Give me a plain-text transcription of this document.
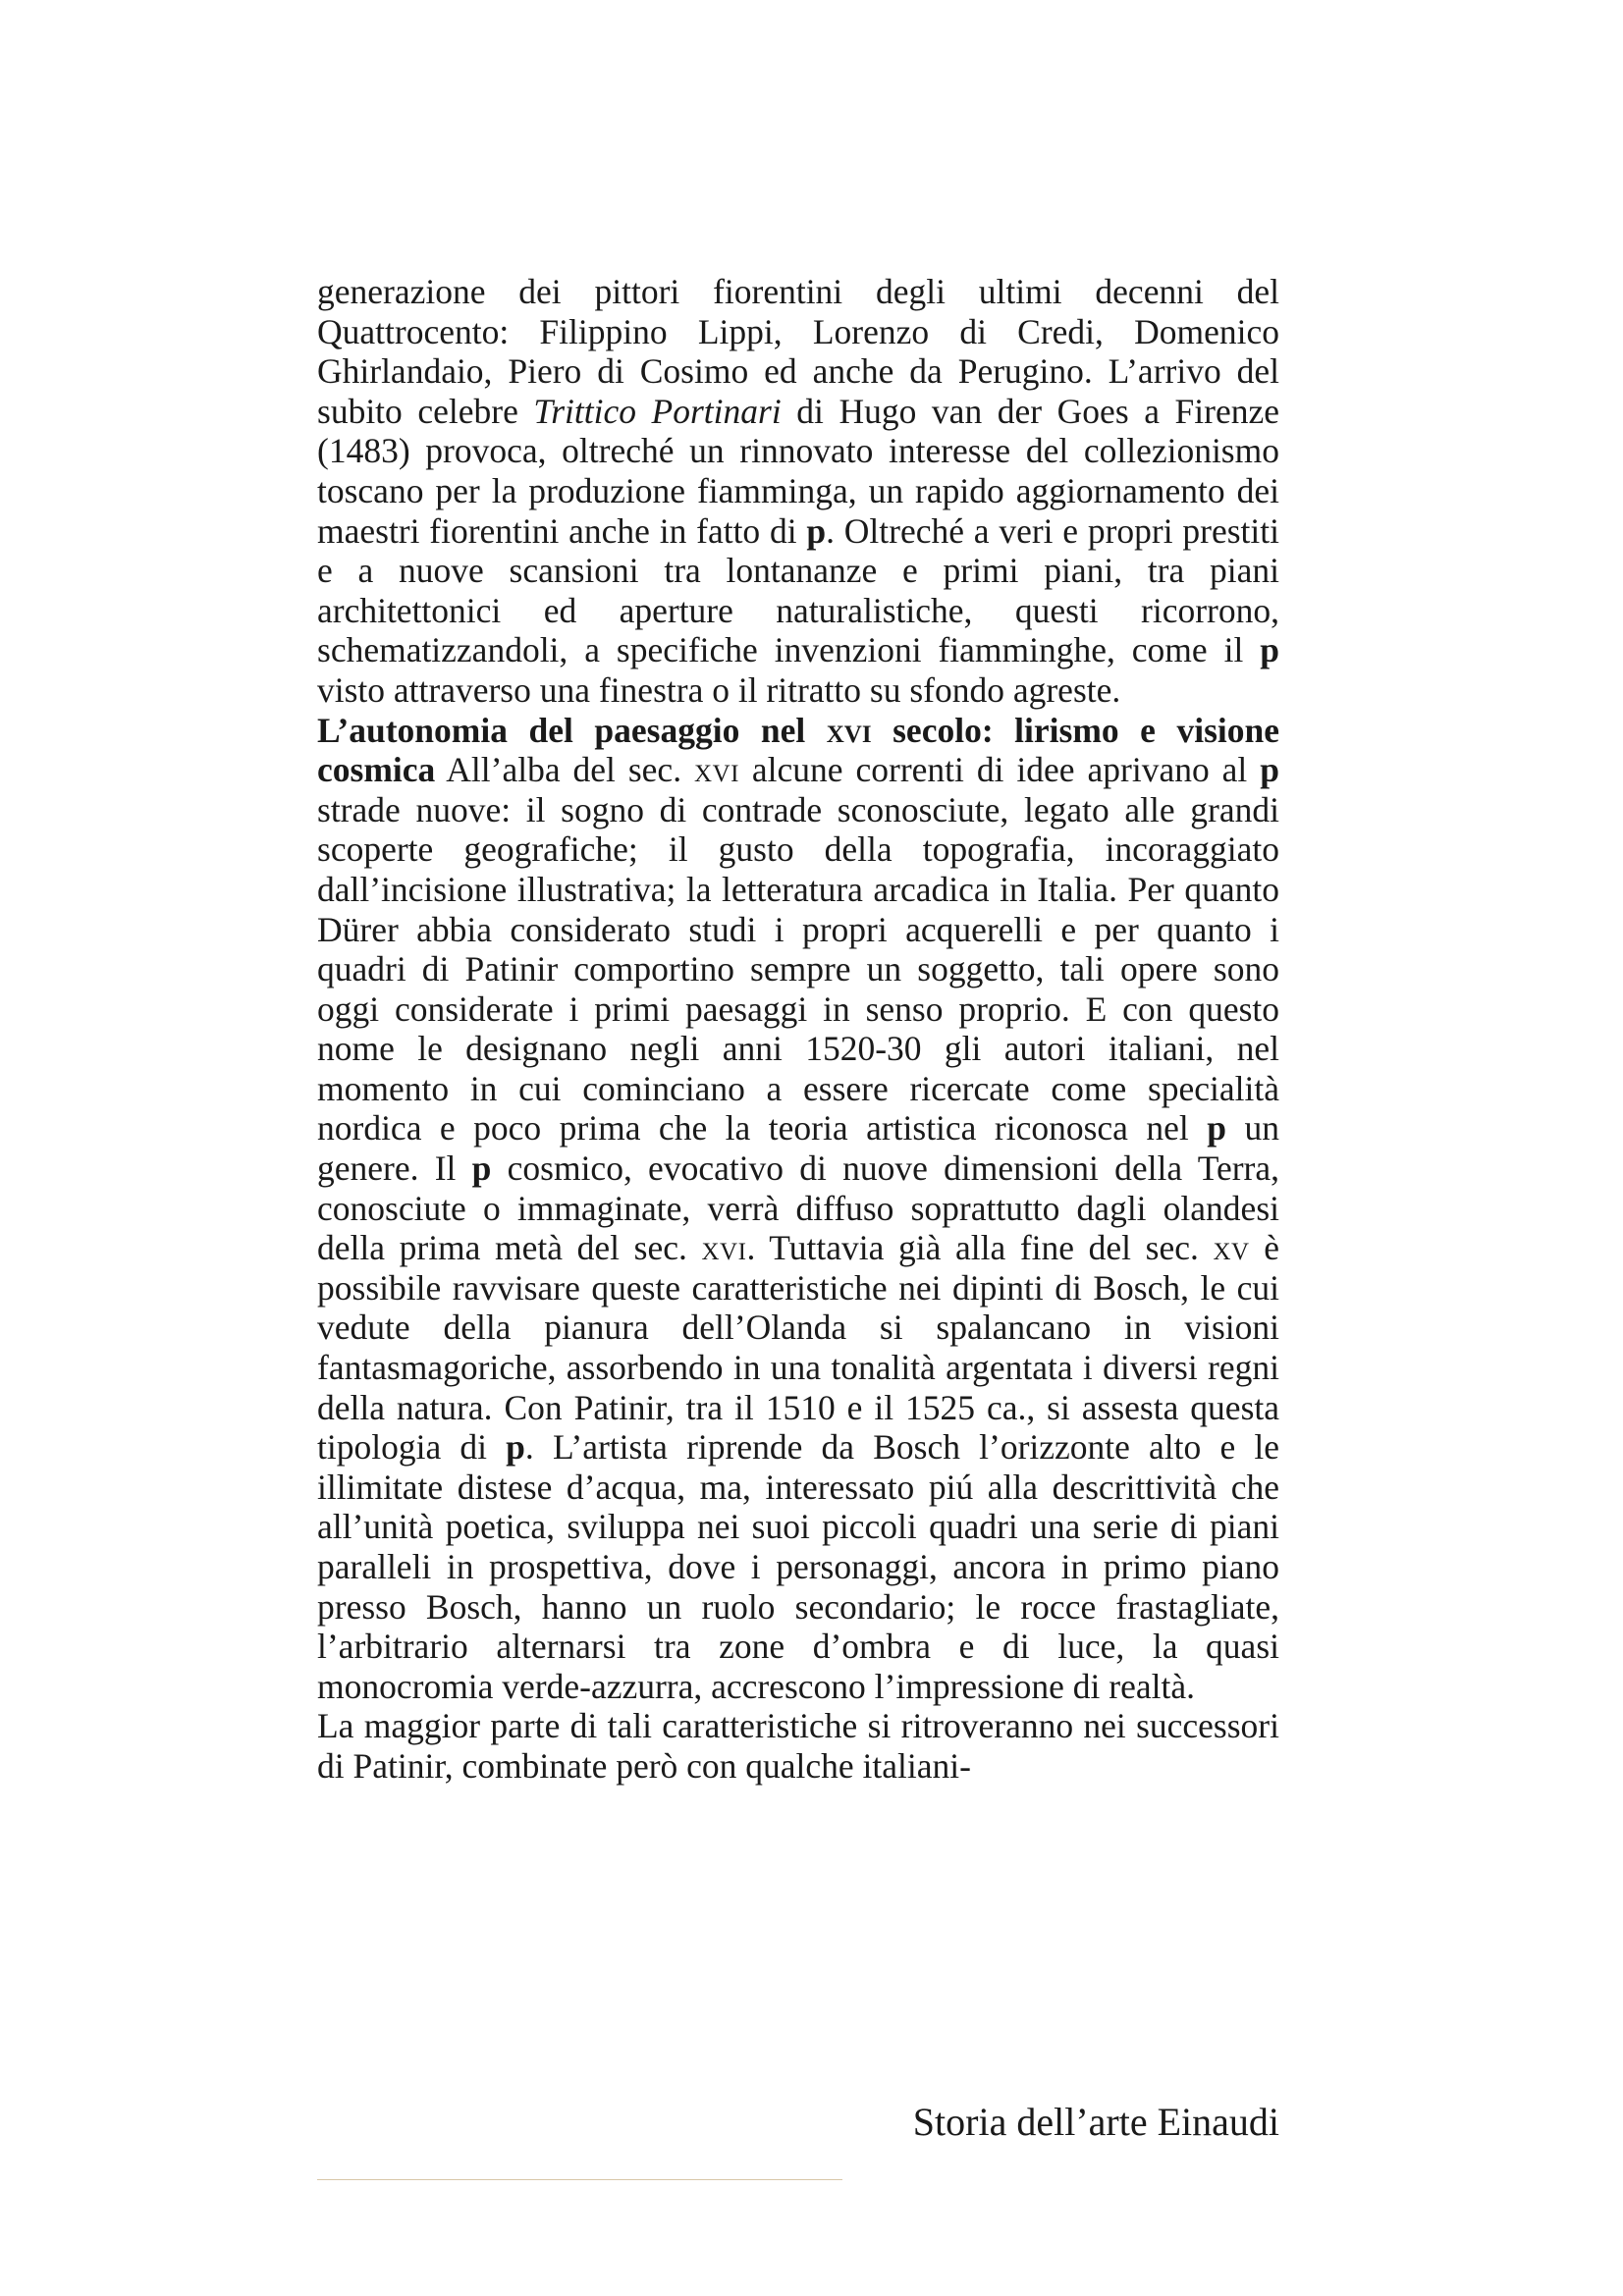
generazione dei pittori fiorentini degli ultimi decenni del Quattrocento: Filippino Lippi, Lorenzo di Credi, Domenico Ghirlandaio, Piero di Cosimo ed anche da Perugino. L’arrivo del subito celebre Trittico Portinari di Hugo van der Goes a Firenze (1483) provoca, oltreché un rinnovato interesse del collezionismo toscano per la produzione fiamminga, un rapido aggiornamento dei maestri fiorentini anche in fatto di p. Oltreché a veri e propri prestiti e a nuove scansioni tra lontananze e primi piani, tra piani architettonici ed aperture naturalistiche, questi ricorrono, schematizzandoli, a specifiche invenzioni fiamminghe, come il p visto attraverso una finestra o il ritratto su sfondo agreste.

L’autonomia del paesaggio nel xvi secolo: lirismo e visione cosmica All’alba del sec. xvi alcune correnti di idee aprivano al p strade nuove: il sogno di contrade sconosciute, legato alle grandi scoperte geografiche; il gusto della topografia, incoraggiato dall’incisione illustrativa; la letteratura arcadica in Italia. Per quanto Dürer abbia considerato studi i propri acquerelli e per quanto i quadri di Patinir comportino sempre un soggetto, tali opere sono oggi considerate i primi paesaggi in senso proprio. E con questo nome le designano negli anni 1520-30 gli autori italiani, nel momento in cui cominciano a essere ricercate come specialità nordica e poco prima che la teoria artistica riconosca nel p un genere. Il p cosmico, evocativo di nuove dimensioni della Terra, conosciute o immaginate, verrà diffuso soprattutto dagli olandesi della prima metà del sec. xvi. Tuttavia già alla fine del sec. xv è possibile ravvisare queste caratteristiche nei dipinti di Bosch, le cui vedute della pianura dell’Olanda si spalancano in visioni fantasmagoriche, assorbendo in una tonalità argentata i diversi regni della natura. Con Patinir, tra il 1510 e il 1525 ca., si assesta questa tipologia di p. L’artista riprende da Bosch l’orizzonte alto e le illimitate distese d’acqua, ma, interessato piú alla descrittività che all’unità poetica, sviluppa nei suoi piccoli quadri una serie di piani paralleli in prospettiva, dove i personaggi, ancora in primo piano presso Bosch, hanno un ruolo secondario; le rocce frastagliate, l’arbitrario alternarsi tra zone d’ombra e di luce, la quasi monocromia verde-azzurra, accrescono l’impressione di realtà.

La maggior parte di tali caratteristiche si ritroveranno nei successori di Patinir, combinate però con qualche italiani-

Storia dell’arte Einaudi
